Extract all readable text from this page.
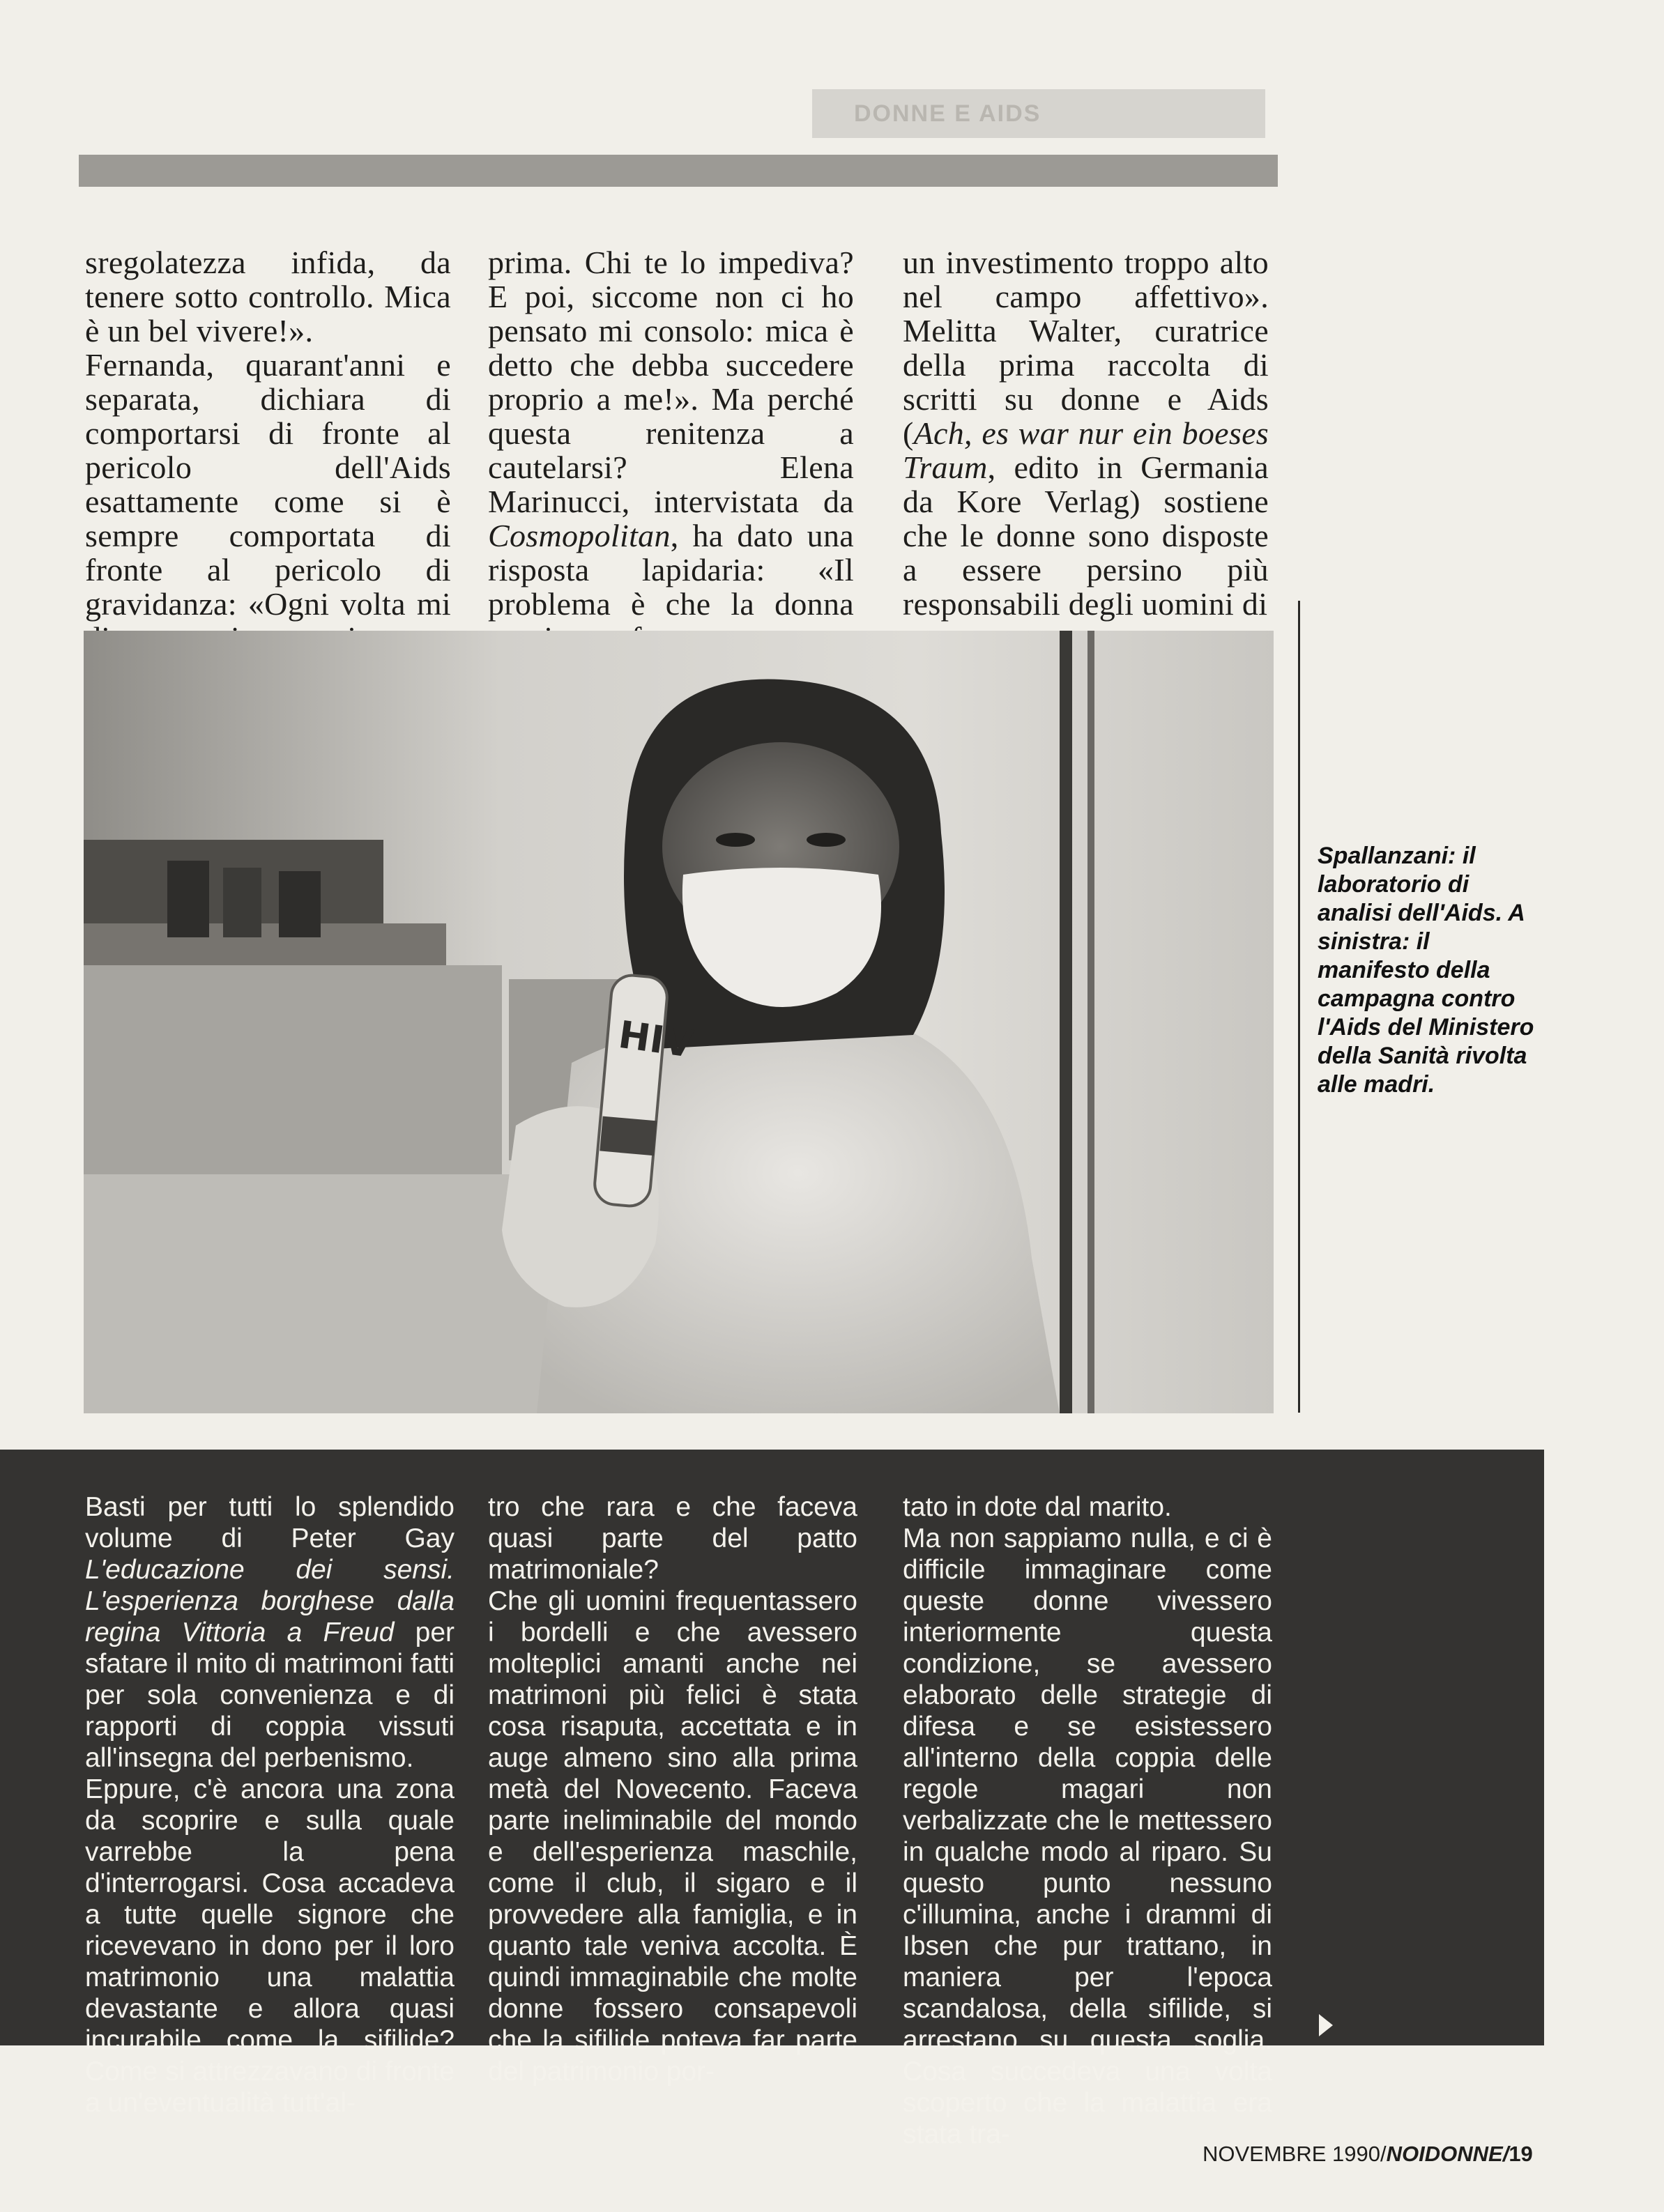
DONNE E AIDS

sregolatezza infida, da tenere sotto controllo. Mica è un bel vivere!».

Fernanda, quarant'anni e separata, dichiara di comportarsi di fronte al pericolo dell'Aids esattamente come si è sempre comportata di fronte al pericolo di gravidanza: «Ogni volta mi

prima. Chi te lo impediva? E poi, siccome non ci ho pensato mi consolo: mica è detto che debba succedere proprio a me!». Ma perché questa renitenza a cautelarsi? Elena Marinucci, intervistata da Cosmopolitan, ha dato una risposta lapidaria: «Il problema è che la donna

un investimento troppo alto nel campo affettivo». Melitta Walter, curatrice della prima raccolta di scritti su donne e Aids (Ach, es war nur ein boeses Traum, edito in Germania da Kore Verlag) sostiene che le donne sono disposte a essere persino più responsabili degli uomini di

HIV
Spallanzani: il laboratorio di analisi dell'Aids. A sinistra: il manifesto della campagna contro l'Aids del Ministero della Sanità rivolta alle madri.

Basti per tutti lo splendido volume di Peter Gay L'educazione dei sensi. L'esperienza borghese dalla regina Vittoria a Freud per sfatare il mito di matrimoni fatti per sola convenienza e di rapporti di coppia vissuti all'insegna del perbenismo.

Eppure, c'è ancora una zona da scoprire e sulla quale varrebbe la pena d'interrogarsi. Cosa accadeva a tutte quelle signore che ricevevano in dono per il loro matrimonio una malattia devastante e allora quasi incurabile come la sifilide? Come si attrezzavano di fronte a un'eventualità tutt'al-

tro che rara e che faceva quasi parte del patto matrimoniale?

Che gli uomini frequentassero i bordelli e che avessero molteplici amanti anche nei matrimoni più felici è stata cosa risaputa, accettata e in auge almeno sino alla prima metà del Novecento. Faceva parte ineliminabile del mondo e dell'esperienza maschile, come il club, il sigaro e il provvedere alla famiglia, e in quanto tale veniva accolta. È quindi immaginabile che molte donne fossero consapevoli che la sifilide poteva far parte del patrimonio por-

tato in dote dal marito.

Ma non sappiamo nulla, e ci è difficile immaginare come queste donne vivessero interiormente questa condizione, se avessero elaborato delle strategie di difesa e se esistessero all'interno della coppia delle regole magari non verbalizzate che le mettessero in qualche modo al riparo. Su questo punto nessuno c'illumina, anche i drammi di Ibsen che pur trattano, in maniera per l'epoca scandalosa, della sifilide, si arrestano su questa soglia. Cosa succedeva una volta scoperto che la malattia era stata tra-

NOVEMBRE 1990/NOIDONNE/19
